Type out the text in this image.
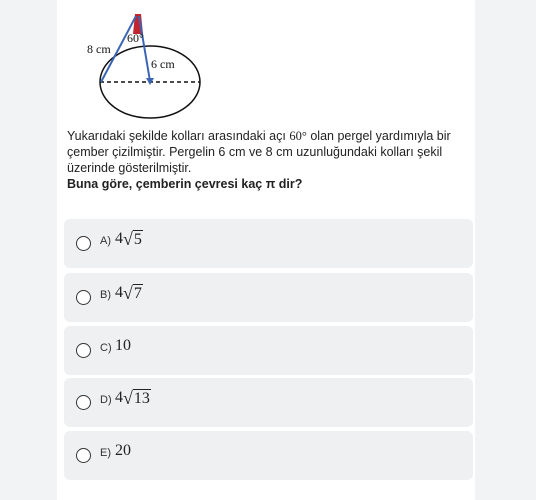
8 cm
6 cm
60°
Yukarıdaki şekilde kolları arasındaki açı 60° olan pergel yardımıyla bir çember çizilmiştir. Pergelin 6 cm ve 8 cm uzunluğundaki kolları şekil üzerinde gösterilmiştir.
Buna göre, çemberin çevresi kaç π dir?
A) 4 √ 5
B) 4 √ 7
C) 10
D) 4 √ 13
E) 20
